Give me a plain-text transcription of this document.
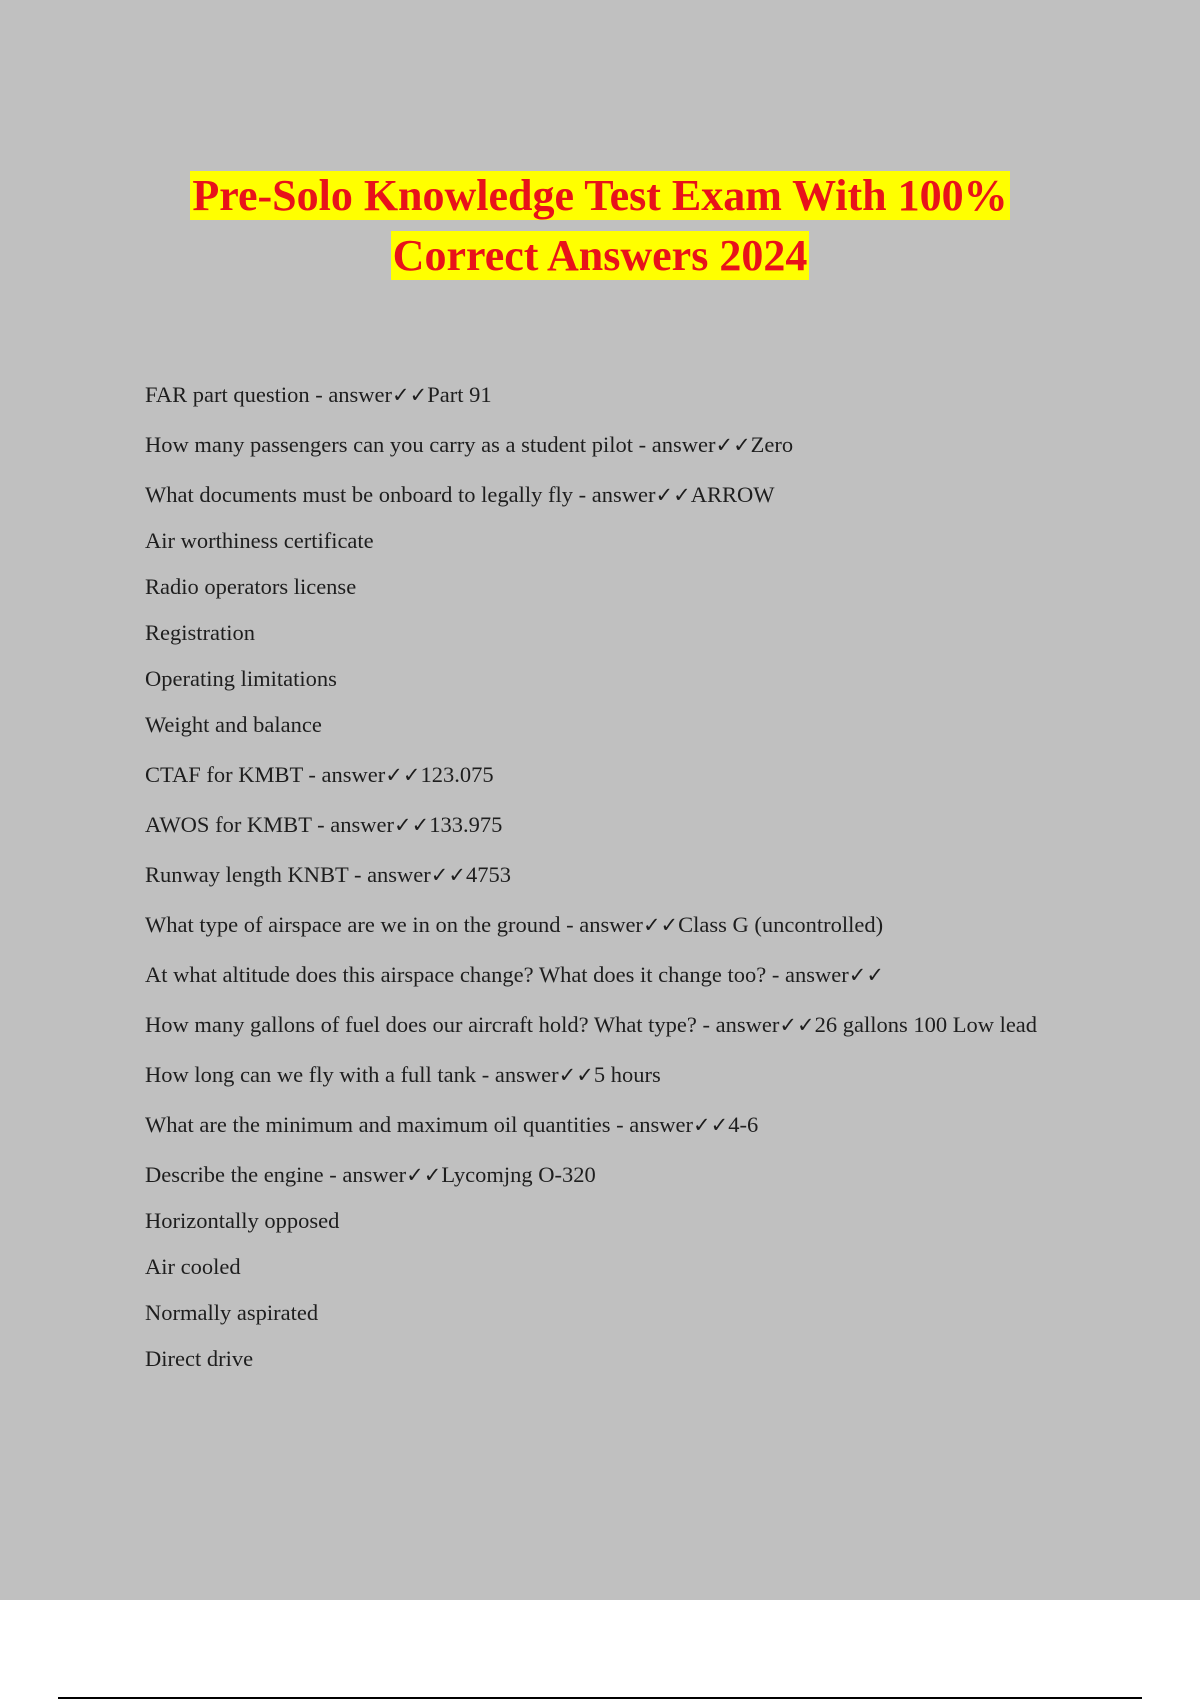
Pre-Solo Knowledge Test Exam With 100%
Correct Answers 2024
FAR part question - answer✓✓Part 91
How many passengers can you carry as a student pilot - answer✓✓Zero
What documents must be onboard to legally fly - answer✓✓ARROW
Air worthiness certificate
Radio operators license
Registration
Operating limitations
Weight and balance
CTAF for KMBT - answer✓✓123.075
AWOS for KMBT - answer✓✓133.975
Runway length KNBT - answer✓✓4753
What type of airspace are we in on the ground - answer✓✓Class G (uncontrolled)
At what altitude does this airspace change? What does it change too? - answer✓✓
How many gallons of fuel does our aircraft hold? What type? - answer✓✓26 gallons 100 Low lead
How long can we fly with a full tank - answer✓✓5 hours
What are the minimum and maximum oil quantities - answer✓✓4-6
Describe the engine - answer✓✓Lycomjng O-320
Horizontally opposed
Air cooled
Normally aspirated
Direct drive
